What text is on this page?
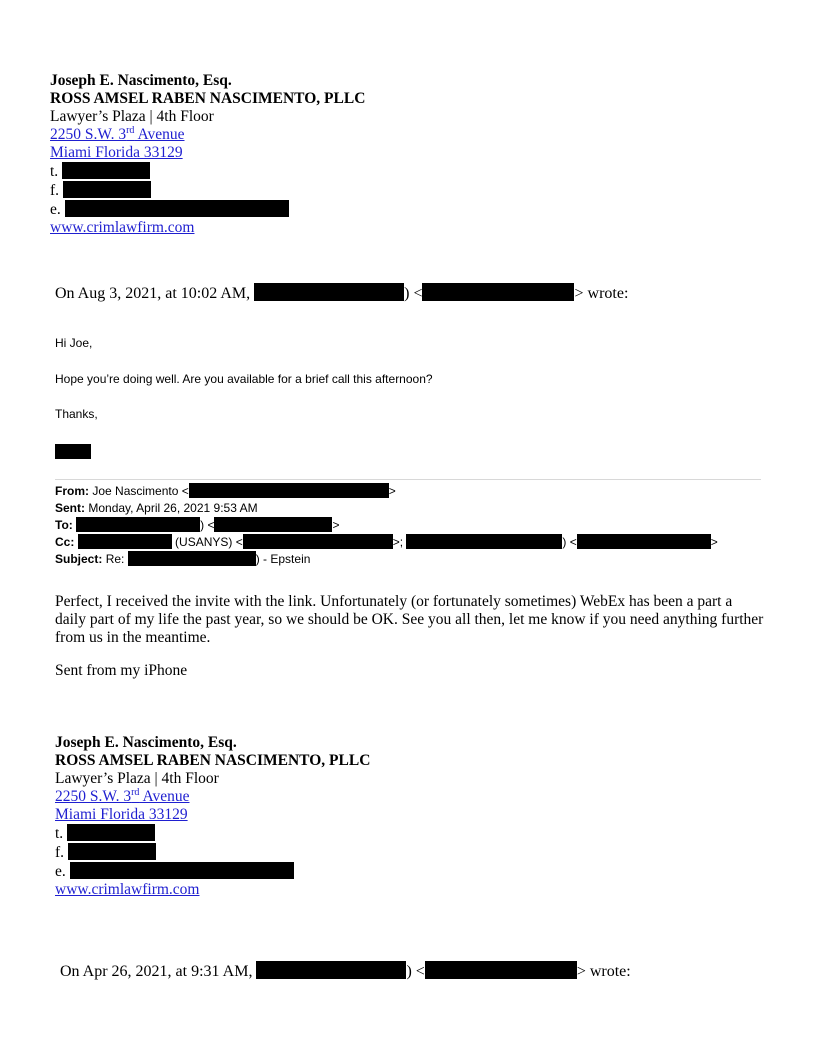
Joseph E. Nascimento, Esq.
ROSS AMSEL RABEN NASCIMENTO, PLLC
Lawyer’s Plaza | 4th Floor
2250 S.W. 3rd Avenue
Miami Florida 33129
t.
f.
e.
www.crimlawfirm.com
On Aug 3, 2021, at 10:02 AM,	) <	> wrote:
Hi Joe,
Hope you’re doing well. Are you available for a brief call this afternoon?
Thanks,
From: Joe Nascimento <	>
Sent: Monday, April 26, 2021 9:53 AM
To:	) <	>
Cc:	(USANYS) <	>;	) <	>
Subject: Re:	) - Epstein
Perfect, I received the invite with the link. Unfortunately (or fortunately sometimes) WebEx has been a part a daily part of my life the past year, so we should be OK. See you all then, let me know if you need anything further from us in the meantime.
Sent from my iPhone
Joseph E. Nascimento, Esq.
ROSS AMSEL RABEN NASCIMENTO, PLLC
Lawyer’s Plaza | 4th Floor
2250 S.W. 3rd Avenue
Miami Florida 33129
t.
f.
e.
www.crimlawfirm.com
On Apr 26, 2021, at 9:31 AM,	) <	> wrote:
